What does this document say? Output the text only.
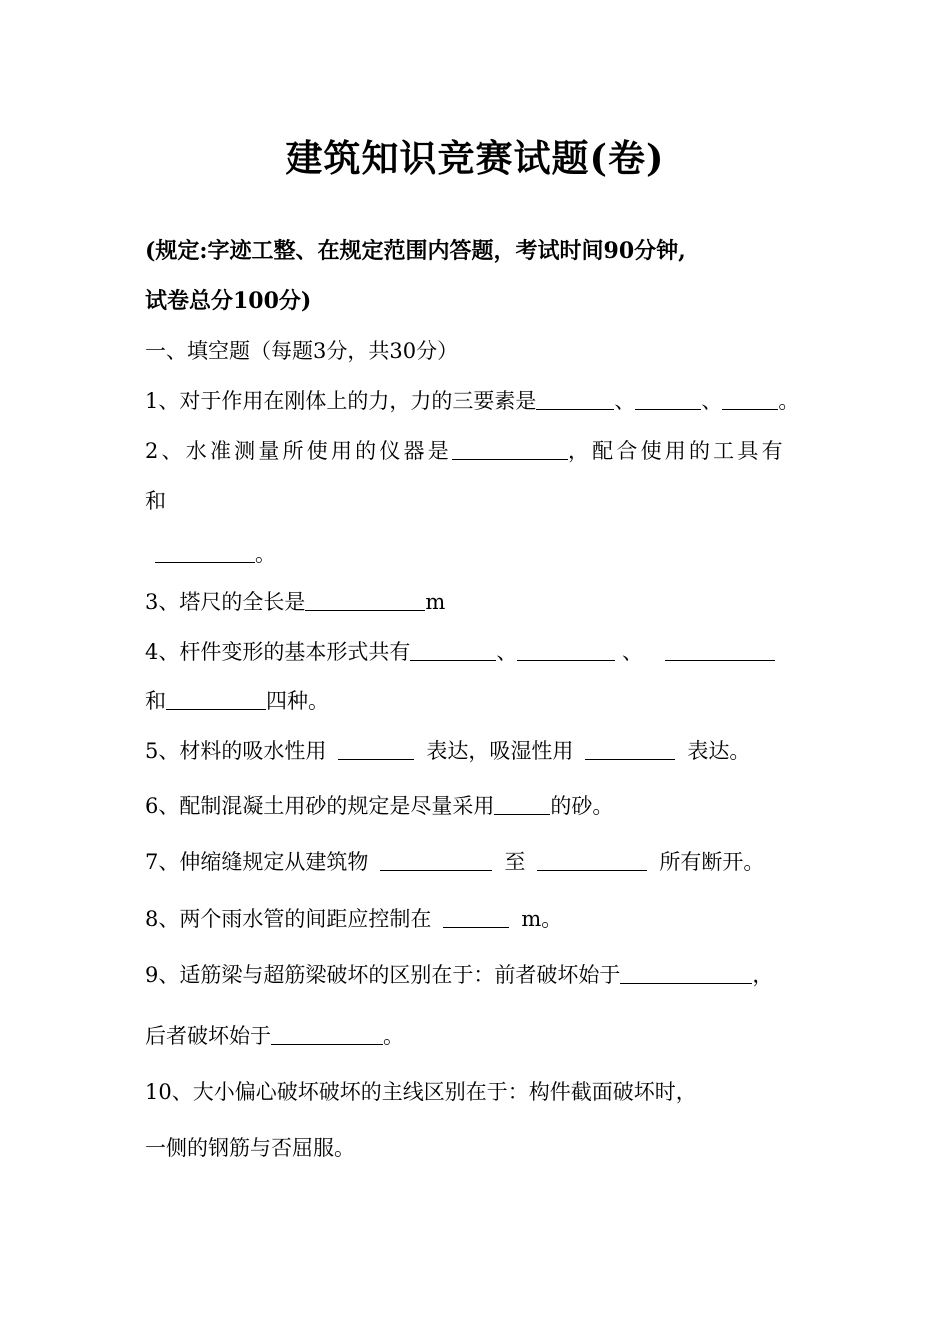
建筑知识竞赛试题(卷)
(规定:字迹工整、在规定范围内答题，考试时间90分钟,
试卷总分100分)
一、填空题（每题3分，共30分）
1、对于作用在刚体上的力，力的三要素是	、	、	。
2、水准测量所使用的仪器是	，配合使用的工具有
和
。
3、塔尺的全长是	m
4、杆件变形的基本形式共有	、	、
和	四种。
5、材料的吸水性用	表达，吸湿性用	表达。
6、配制混凝土用砂的规定是尽量采用	的砂。
7、伸缩缝规定从建筑物	至	所有断开。
8、两个雨水管的间距应控制在	m。
9、适筋梁与超筋梁破坏的区别在于：前者破坏始于	，
后者破坏始于	。
10、大小偏心破坏破坏的主线区别在于：构件截面破坏时，
一侧的钢筋与否屈服。
